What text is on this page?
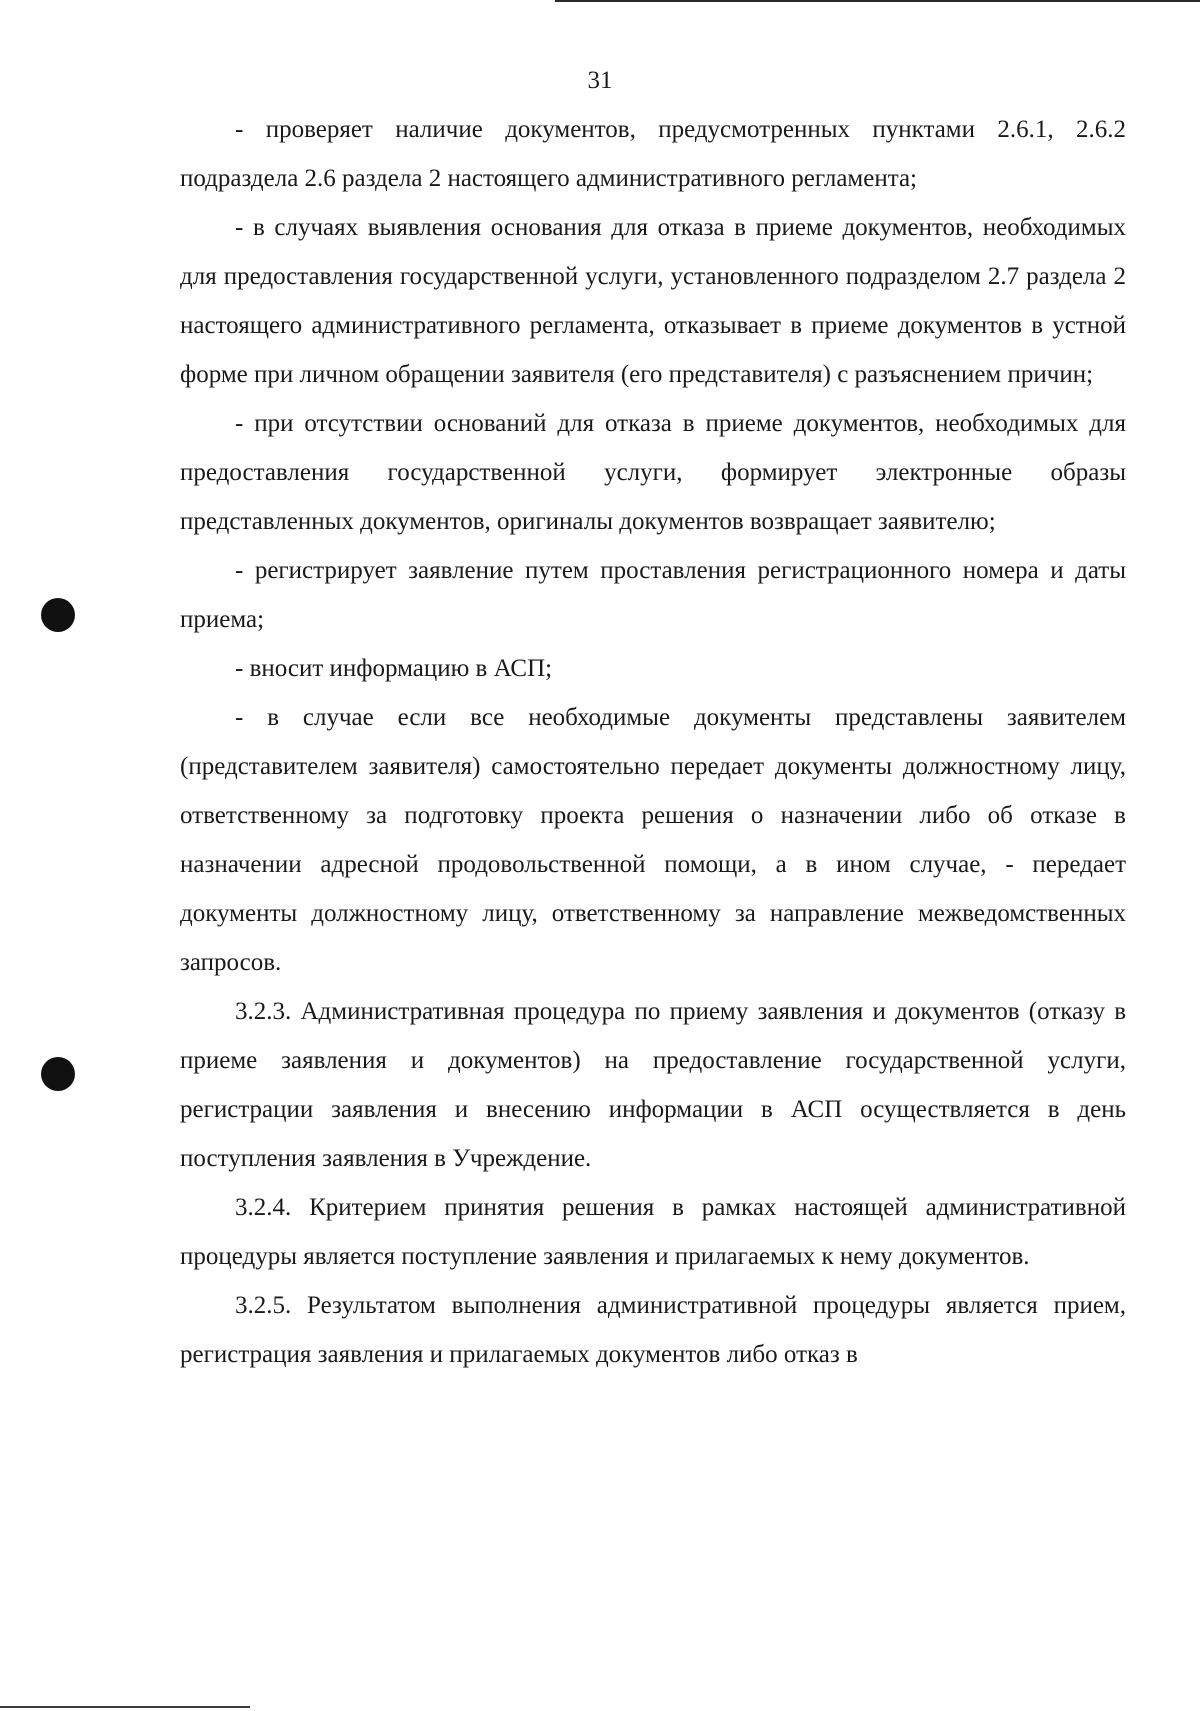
31

- проверяет наличие документов, предусмотренных пунктами 2.6.1, 2.6.2 подраздела 2.6 раздела 2 настоящего административного регламента;

- в случаях выявления основания для отказа в приеме документов, необходимых для предоставления государственной услуги, установленного подразделом 2.7 раздела 2 настоящего административного регламента, отказывает в приеме документов в устной форме при личном обращении заявителя (его представителя) с разъяснением причин;

- при отсутствии оснований для отказа в приеме документов, необходимых для предоставления государственной услуги, формирует электронные образы представленных документов, оригиналы документов возвращает заявителю;

- регистрирует заявление путем проставления регистрационного номера и даты приема;

- вносит информацию в АСП;

- в случае если все необходимые документы представлены заявителем (представителем заявителя) самостоятельно передает документы должностному лицу, ответственному за подготовку проекта решения о назначении либо об отказе в назначении адресной продовольственной помощи, а в ином случае, - передает документы должностному лицу, ответственному за направление межведомственных запросов.

3.2.3. Административная процедура по приему заявления и документов (отказу в приеме заявления и документов) на предоставление государственной услуги, регистрации заявления и внесению информации в АСП осуществляется в день поступления заявления в Учреждение.

3.2.4. Критерием принятия решения в рамках настоящей административной процедуры является поступление заявления и прилагаемых к нему документов.

3.2.5. Результатом выполнения административной процедуры является прием, регистрация заявления и прилагаемых документов либо отказ в
